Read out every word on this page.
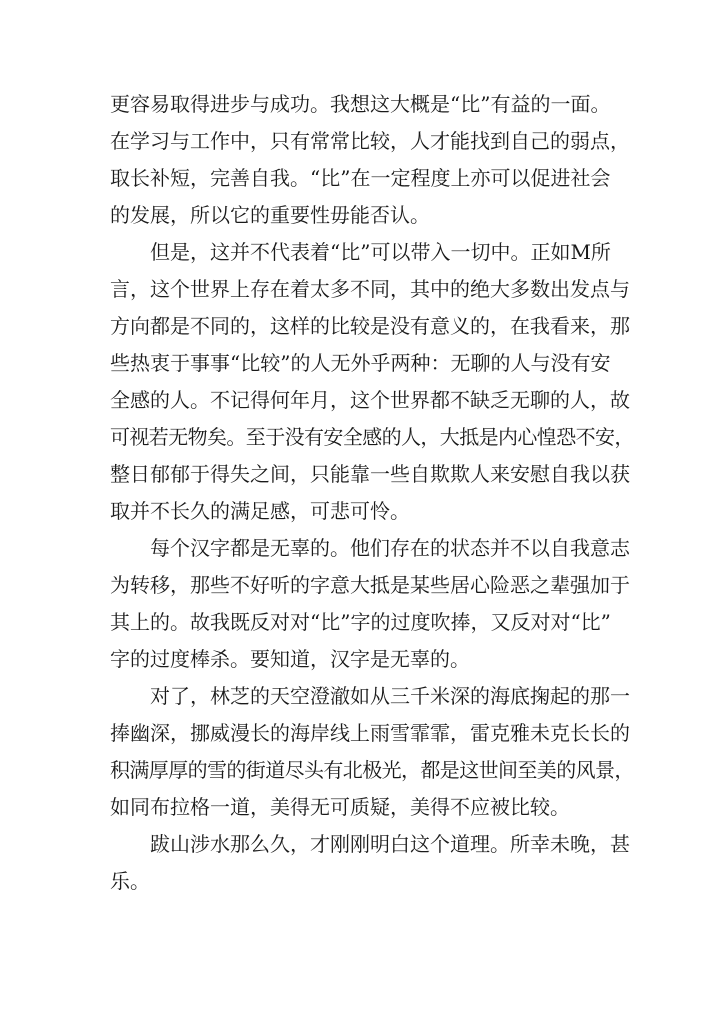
更容易取得进步与成功。我想这大概是“比”有益的一面。
在学习与工作中，只有常常比较，人才能找到自己的弱点，
取长补短，完善自我。“比”在一定程度上亦可以促进社会
的发展，所以它的重要性毋能否认。
但是，这并不代表着“比”可以带入一切中。正如M所
言，这个世界上存在着太多不同，其中的绝大多数出发点与
方向都是不同的，这样的比较是没有意义的，在我看来，那
些热衷于事事“比较”的人无外乎两种：无聊的人与没有安
全感的人。不记得何年月，这个世界都不缺乏无聊的人，故
可视若无物矣。至于没有安全感的人，大抵是内心惶恐不安，
整日郁郁于得失之间，只能靠一些自欺欺人来安慰自我以获
取并不长久的满足感，可悲可怜。
每个汉字都是无辜的。他们存在的状态并不以自我意志
为转移，那些不好听的字意大抵是某些居心险恶之辈强加于
其上的。故我既反对对“比”字的过度吹捧，又反对对“比”
字的过度棒杀。要知道，汉字是无辜的。
对了，林芝的天空澄澈如从三千米深的海底掬起的那一
捧幽深，挪威漫长的海岸线上雨雪霏霏，雷克雅未克长长的
积满厚厚的雪的街道尽头有北极光，都是这世间至美的风景，
如同布拉格一道，美得无可质疑，美得不应被比较。
跋山涉水那么久，才刚刚明白这个道理。所幸未晚，甚
乐。
